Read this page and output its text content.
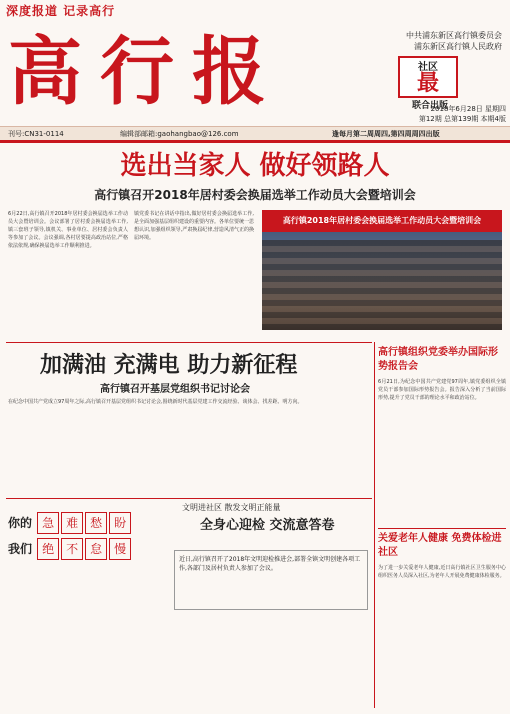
深度报道 记录高行
高行报	中共浦东新区高行镇委员会
浦东新区高行镇人民政府
社区
最
联合出版
2018年6月28日 星期四
第12期 总第139期 本期4版
刊号:CN31-0114	编辑部邮箱:gaohangbao@126.com	逢每月第二周周四,第四周周四出版
选出当家人 做好领路人
高行镇召开2018年居村委会换届选举工作动员大会暨培训会
6月22日,高行镇召开2018年居村委会换届选举工作动员大会暨培训会。会议部署了居村委会换届选举工作,镇三套班子领导,镇机关、事业单位、居村委会负责人等参加了会议。会议强调,各村居要提高政治站位,严格依法依规,确保换届选举工作顺利推进。
镇党委书记在讲话中指出,做好居村委会换届选举工作,是全面加强基层组织建设的重要内容。各单位要统一思想认识,加强组织领导,严肃换届纪律,营造风清气正的换届环境。
高行镇2018年居村委会换届选举工作动员大会暨培训会
加满油 充满电 助力新征程
高行镇召开基层党组织书记讨论会
在纪念中国共产党成立97周年之际,高行镇召开基层党组织书记讨论会,围绕新时代基层党建工作交流经验、谈体会、找差距、明方向。
高行镇组织党委举办国际形势报告会
6月21日,为纪念中国共产党建党97周年,镇党委组织全镇党员干部参加国际形势报告会。报告深入分析了当前国际形势,提升了党员干部的理论水平和政治站位。
关爱老年人健康 免费体检进社区
为了进一步关爱老年人健康,近日高行镇社区卫生服务中心组织医务人员深入社区,为老年人开展免费健康体检服务。
你的 急 难 愁 盼
我们 绝 不 怠 慢
文明进社区 散发文明正能量
全身心迎检 交流意答卷
近日,高行镇召开了2018年文明迎检推进会,部署全镇文明创建各项工作,各部门及居村负责人参加了会议。
